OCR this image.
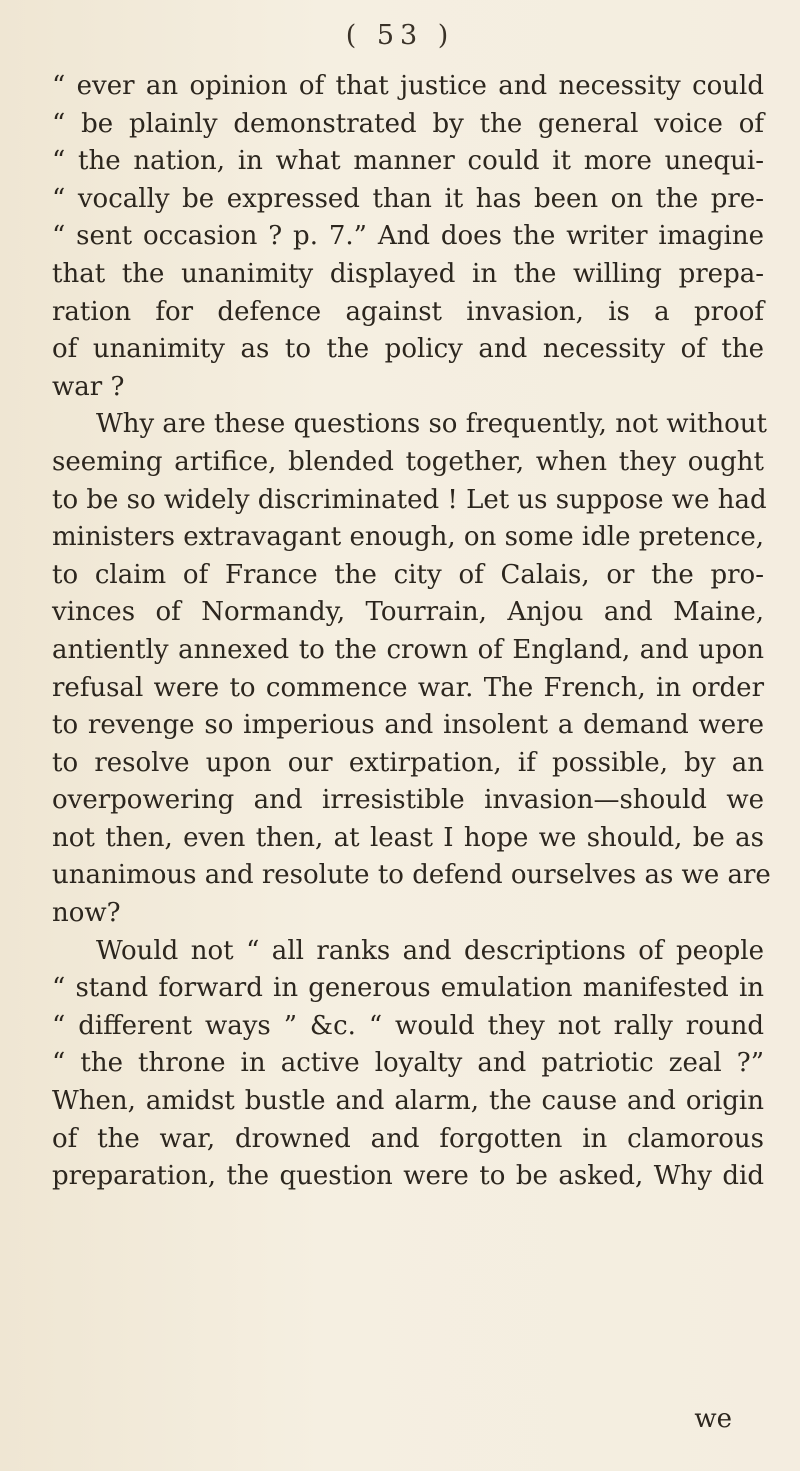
( 53 )
“ ever an opinion of that justice and necessity could
“ be plainly demonstrated by the general voice of
“ the nation, in what manner could it more unequi-
“ vocally be expressed than it has been on the pre-
“ sent occasion ? p. 7.” And does the writer imagine
that the unanimity displayed in the willing prepa-
ration for defence against invasion, is a proof
of unanimity as to the policy and necessity of the
war ?
Why are these questions so frequently, not without
seeming artifice, blended together, when they ought
to be so widely discriminated ! Let us suppose we had
ministers extravagant enough, on some idle pretence,
to claim of France the city of Calais, or the pro-
vinces of Normandy, Tourrain, Anjou and Maine,
antiently annexed to the crown of England, and upon
refusal were to commence war. The French, in order
to revenge so imperious and insolent a demand were
to resolve upon our extirpation, if possible, by an
overpowering and irresistible invasion—should we
not then, even then, at least I hope we should, be as
unanimous and resolute to defend ourselves as we are
now?
Would not “ all ranks and descriptions of people
“ stand forward in generous emulation manifested in
“ different ways ” &c. “ would they not rally round
“ the throne in active loyalty and patriotic zeal ?”
When, amidst bustle and alarm, the cause and origin
of the war, drowned and forgotten in clamorous
preparation, the question were to be asked, Why did
we
